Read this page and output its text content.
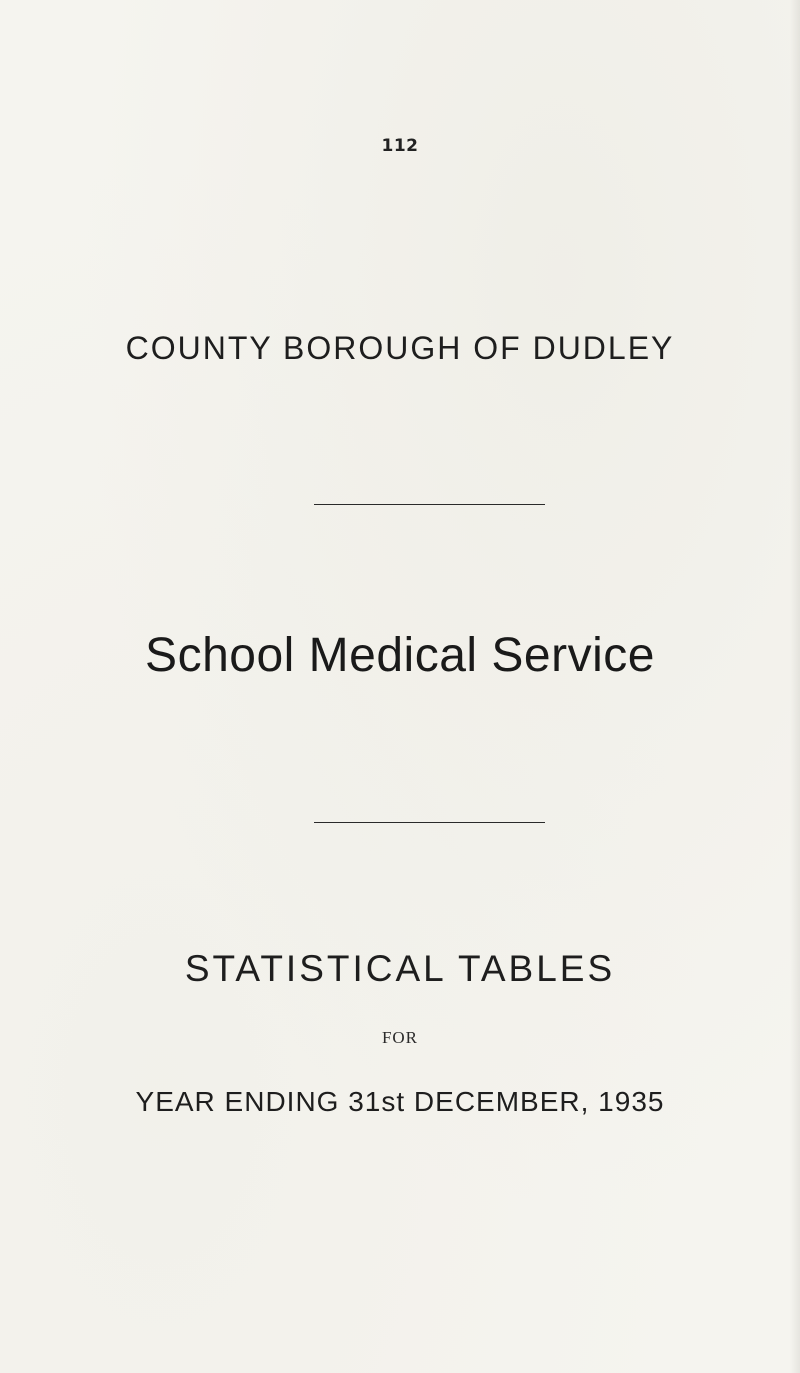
112
COUNTY BOROUGH OF DUDLEY
School Medical Service
STATISTICAL TABLES
FOR
YEAR ENDING 31st DECEMBER, 1935
